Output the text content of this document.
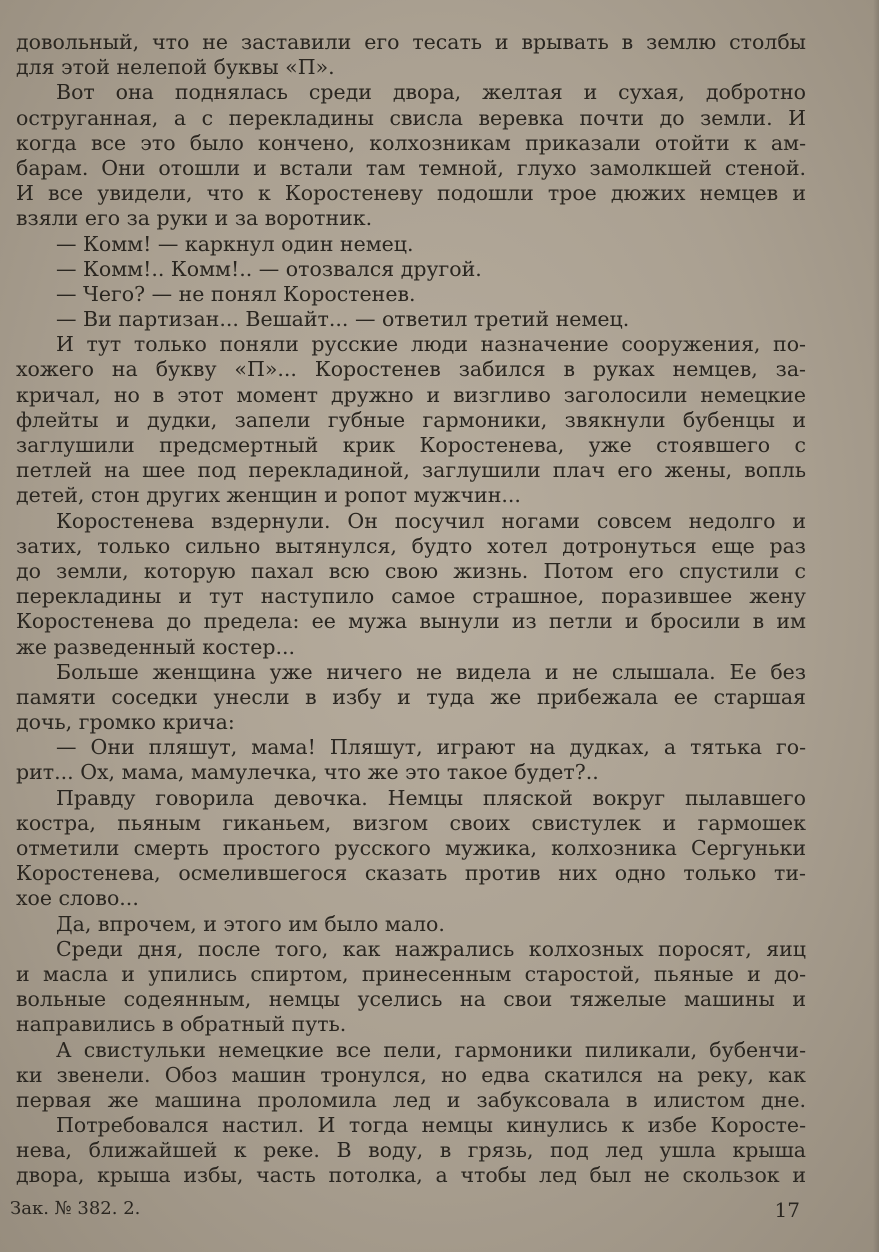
довольный, что не заставили его тесать и врывать в землю столбы
для этой нелепой буквы «П».
Вот она поднялась среди двора, желтая и сухая, добротно
оструганная, а с перекладины свисла веревка почти до земли. И
когда все это было кончено, колхозникам приказали отойти к ам-
барам. Они отошли и встали там темной, глухо замолкшей стеной.
И все увидели, что к Коростеневу подошли трое дюжих немцев и
взяли его за руки и за воротник.
— Комм! — каркнул один немец.
— Комм!.. Комм!.. — отозвался другой.
— Чего? — не понял Коростенев.
— Ви партизан... Вешайт... — ответил третий немец.
И тут только поняли русские люди назначение сооружения, по-
хожего на букву «П»... Коростенев забился в руках немцев, за-
кричал, но в этот момент дружно и визгливо заголосили немецкие
флейты и дудки, запели губные гармоники, звякнули бубенцы и
заглушили предсмертный крик Коростенева, уже стоявшего с
петлей на шее под перекладиной, заглушили плач его жены, вопль
детей, стон других женщин и ропот мужчин...
Коростенева вздернули. Он посучил ногами совсем недолго и
затих, только сильно вытянулся, будто хотел дотронуться еще раз
до земли, которую пахал всю свою жизнь. Потом его спустили с
перекладины и тут наступило самое страшное, поразившее жену
Коростенева до предела: ее мужа вынули из петли и бросили в им
же разведенный костер...
Больше женщина уже ничего не видела и не слышала. Ее без
памяти соседки унесли в избу и туда же прибежала ее старшая
дочь, громко крича:
— Они пляшут, мама! Пляшут, играют на дудках, а тятька го-
рит... Ох, мама, мамулечка, что же это такое будет?..
Правду говорила девочка. Немцы пляской вокруг пылавшего
костра, пьяным гиканьем, визгом своих свистулек и гармошек
отметили смерть простого русского мужика, колхозника Сергуньки
Коростенева, осмелившегося сказать против них одно только ти-
хое слово...
Да, впрочем, и этого им было мало.
Среди дня, после того, как нажрались колхозных поросят, яиц
и масла и упились спиртом, принесенным старостой, пьяные и до-
вольные содеянным, немцы уселись на свои тяжелые машины и
направились в обратный путь.
А свистульки немецкие все пели, гармоники пиликали, бубенчи-
ки звенели. Обоз машин тронулся, но едва скатился на реку, как
первая же машина проломила лед и забуксовала в илистом дне.
Потребовался настил. И тогда немцы кинулись к избе Коросте-
нева, ближайшей к реке. В воду, в грязь, под лед ушла крыша
двора, крыша избы, часть потолка, а чтобы лед был не скользок и
Зак. № 382. 2.	17
